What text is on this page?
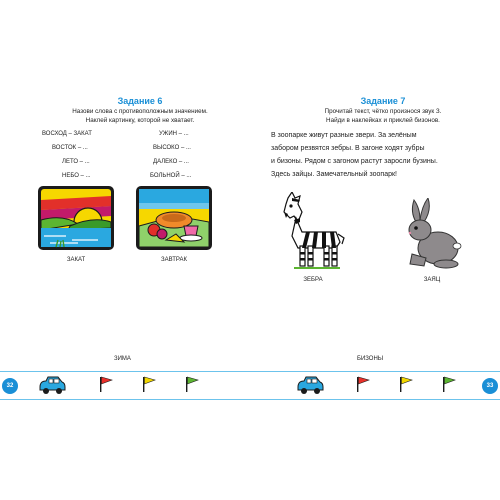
Задание 6
Назови слова с противоположным значением.
Наклей картинку, которой не хватает.
ВОСХОД – ЗАКАТ
ВОСТОК – ...
ЛЕТО – ...
НЕБО – ...
УЖИН – ...
ВЫСОКО – ...
ДАЛЕКО – ...
БОЛЬНОЙ – ...
ЗАКАТ	ЗАВТРАК
Задание 7
Прочитай текст, чётко произнося звук З.
Найди в наклейках и приклей бизонов.
В зоопарке живут разные звери. За зелёным
забором резвятся зебры. В загоне ходят зубры
и бизоны. Рядом с загоном растут заросли бузины.
Здесь зайцы. Замечательный зоопарк!
ЗЕБРА	ЗАЯЦ
ЗИМА	БИЗОНЫ
32	33
